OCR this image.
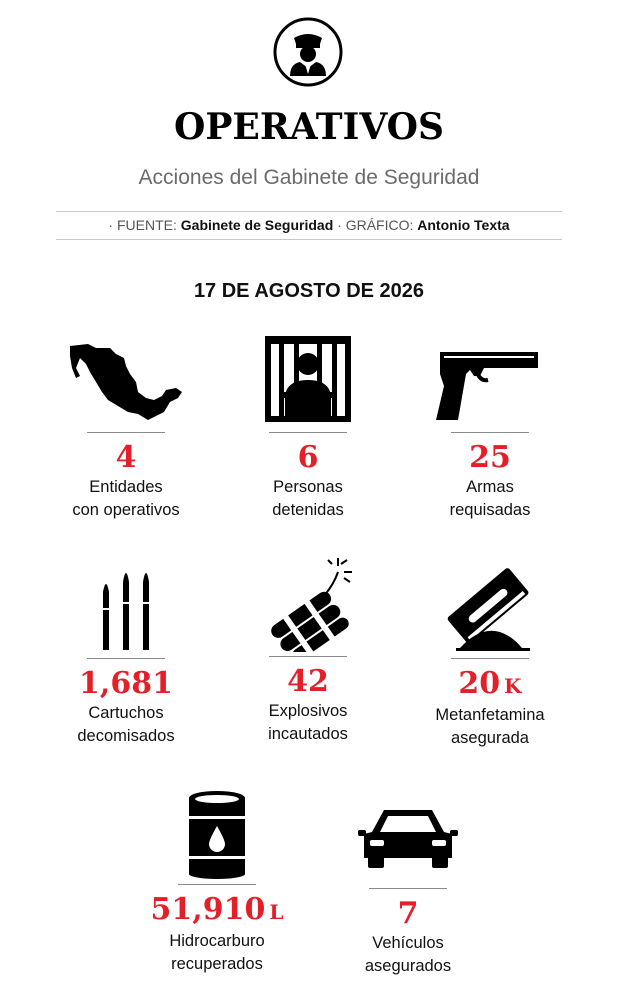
OPERATIVOS
Acciones del Gabinete de Seguridad
· FUENTE: Gabinete de Seguridad · GRÁFICO: Antonio Texta
17 DE AGOSTO DE 2026
4
Entidades
con operativos
6
Personas
detenidas
25
Armas
requisadas
1,681
Cartuchos
decomisados
42
Explosivos
incautados
20 K
Metanfetamina
asegurada
51,910 L
Hidrocarburo
recuperados
7
Vehículos
asegurados
